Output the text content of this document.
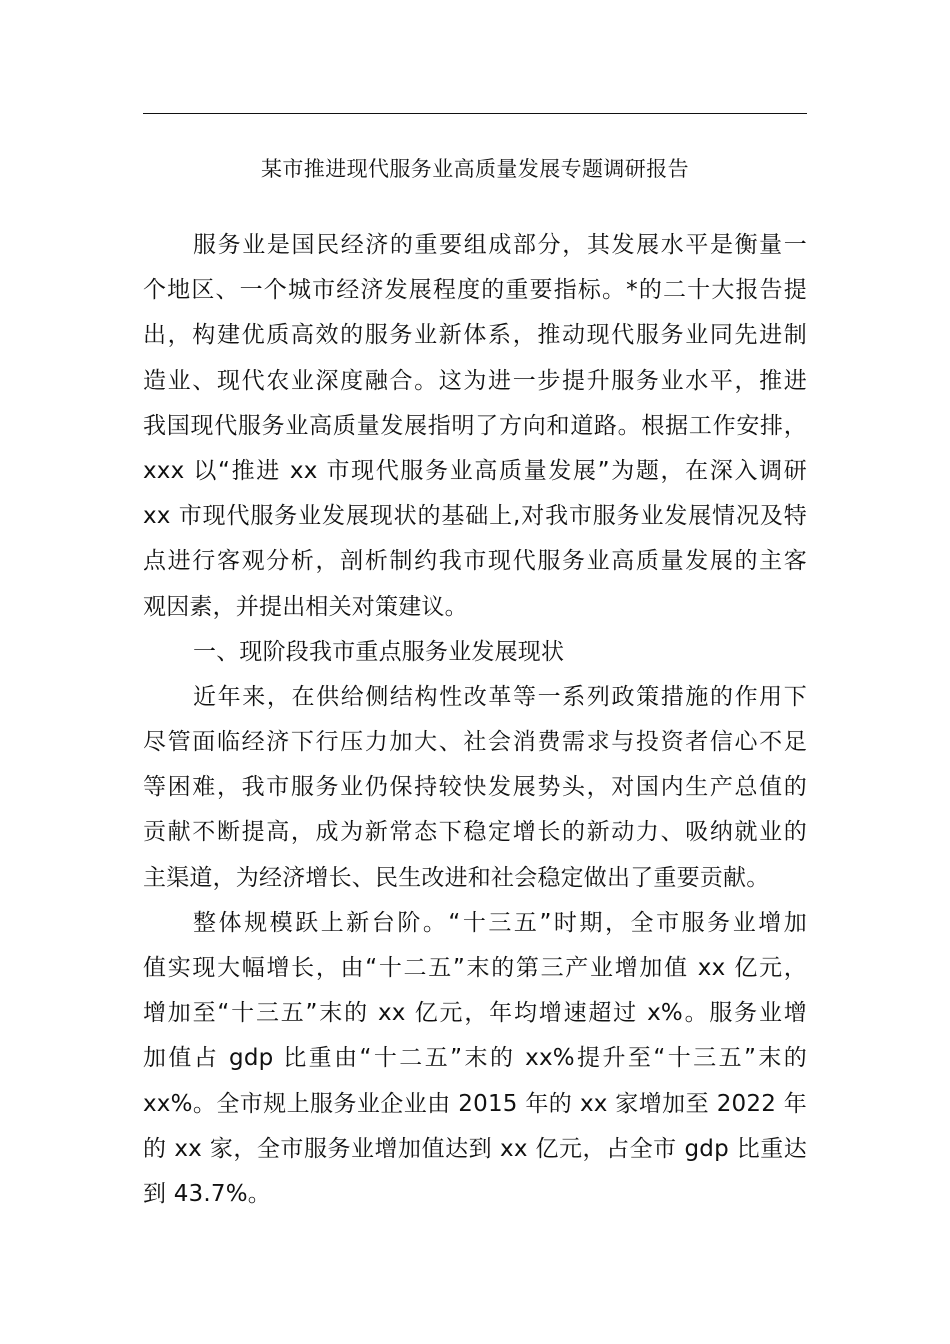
某市推进现代服务业高质量发展专题调研报告
服务业是国民经济的重要组成部分，其发展水平是衡量一
个地区、一个城市经济发展程度的重要指标。*的二十大报告提
出，构建优质高效的服务业新体系，推动现代服务业同先进制
造业、现代农业深度融合。这为进一步提升服务业水平，推进
我国现代服务业高质量发展指明了方向和道路。根据工作安排，
xxx 以“推进 xx 市现代服务业高质量发展”为题，在深入调研
xx 市现代服务业发展现状的基础上,对我市服务业发展情况及特
点进行客观分析，剖析制约我市现代服务业高质量发展的主客
观因素，并提出相关对策建议。
一、现阶段我市重点服务业发展现状
近年来，在供给侧结构性改革等一系列政策措施的作用下
尽管面临经济下行压力加大、社会消费需求与投资者信心不足
等困难，我市服务业仍保持较快发展势头，对国内生产总值的
贡献不断提高，成为新常态下稳定增长的新动力、吸纳就业的
主渠道，为经济增长、民生改进和社会稳定做出了重要贡献。
整体规模跃上新台阶。“十三五”时期，全市服务业增加
值实现大幅增长，由“十二五”末的第三产业增加值 xx 亿元，
增加至“十三五”末的 xx 亿元，年均增速超过 x%。服务业增
加值占 gdp 比重由“十二五”末的 xx%提升至“十三五”末的
xx%。全市规上服务业企业由 2015 年的 xx 家增加至 2022 年
的 xx 家，全市服务业增加值达到 xx 亿元，占全市 gdp 比重达
到 43.7%。
